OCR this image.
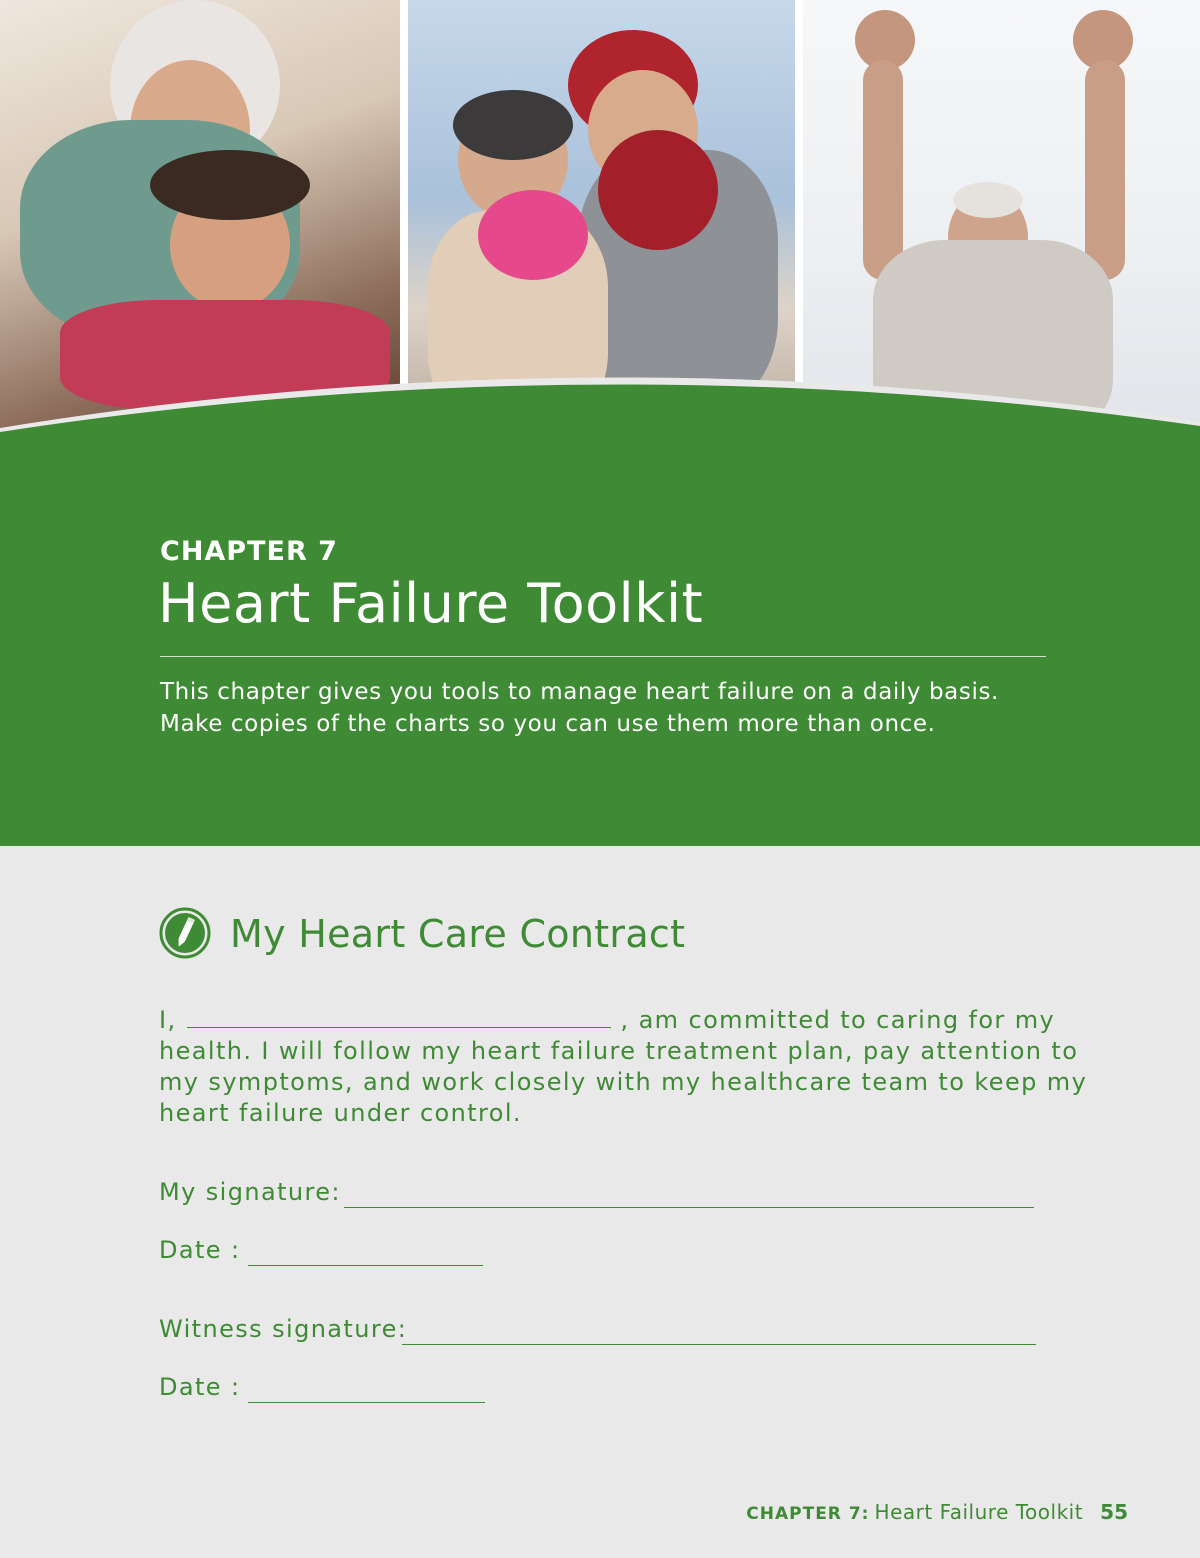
CHAPTER 7
Heart Failure Toolkit
This chapter gives you tools to manage heart failure on a daily basis.
Make copies of the charts so you can use them more than once.
My Heart Care Contract
I,	, am committed to caring for my
health. I will follow my heart failure treatment plan, pay attention to
my symptoms, and work closely with my healthcare team to keep my
heart failure under control.
My signature:
Date :
Witness signature:
Date :
CHAPTER 7: Heart Failure Toolkit 55
